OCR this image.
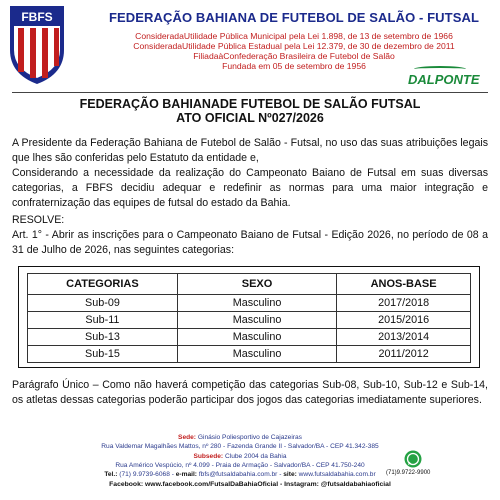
FBFS	FEDERAÇÃO BAHIANA DE FUTEBOL DE SALÃO - FUTSAL
ConsideradaUtilidade Pública Municipal pela Lei 1.898, de 13 de setembro de 1966
ConsideradaUtilidade Pública Estadual pela Lei 12.379, de 30 de dezembro de 2011
FiliadaàConfederação Brasileira de Futebol de Salão
Fundada em 05 de setembro de 1956
DALPONTE
FEDERAÇÃO BAHIANADE FUTEBOL DE SALÃO FUTSAL
ATO OFICIAL Nº027/2026
A Presidente da Federação Bahiana de Futebol de Salão - Futsal, no uso das suas atribuições legais que lhes são conferidas pelo Estatuto da entidade e,
Considerando a necessidade da realização do Campeonato Baiano de Futsal em suas diversas categorias, a FBFS decidiu adequar e redefinir as normas para uma maior integração e confraternização das equipes de futsal do estado da Bahia.
RESOLVE:
Art. 1° - Abrir as inscrições para o Campeonato Baiano de Futsal - Edição 2026, no período de 08 a 31 de Julho de 2026, nas seguintes categorias:
CATEGORIAS	SEXO	ANOS-BASE
Sub-09	Masculino	2017/2018
Sub-11	Masculino	2015/2016
Sub-13	Masculino	2013/2014
Sub-15	Masculino	2011/2012
Parágrafo Único – Como não haverá competição das categorias Sub-08, Sub-10, Sub-12 e Sub-14, os atletas dessas categorias poderão participar dos jogos das categorias imediatamente superiores.
Sede: Ginásio Poliesportivo de Cajazeiras
Rua Valdemar Magalhães Mattos, nº 280 - Fazenda Grande II - Salvador/BA - CEP 41.342-385
Subsede: Clube 2004 da Bahia
Rua Américo Vespúcio, nº 4.099 - Praia de Armação - Salvador/BA - CEP 41.750-240
Tel.: (71) 9.9739-6068 - e-mail: fbfs@futsaldabahia.com.br - site: www.futsaldabahia.com.br	(71)9.9722-9900
Facebook: www.facebook.com/FutsalDaBahiaOficial - Instagram: @futsaldabahiaoficial
